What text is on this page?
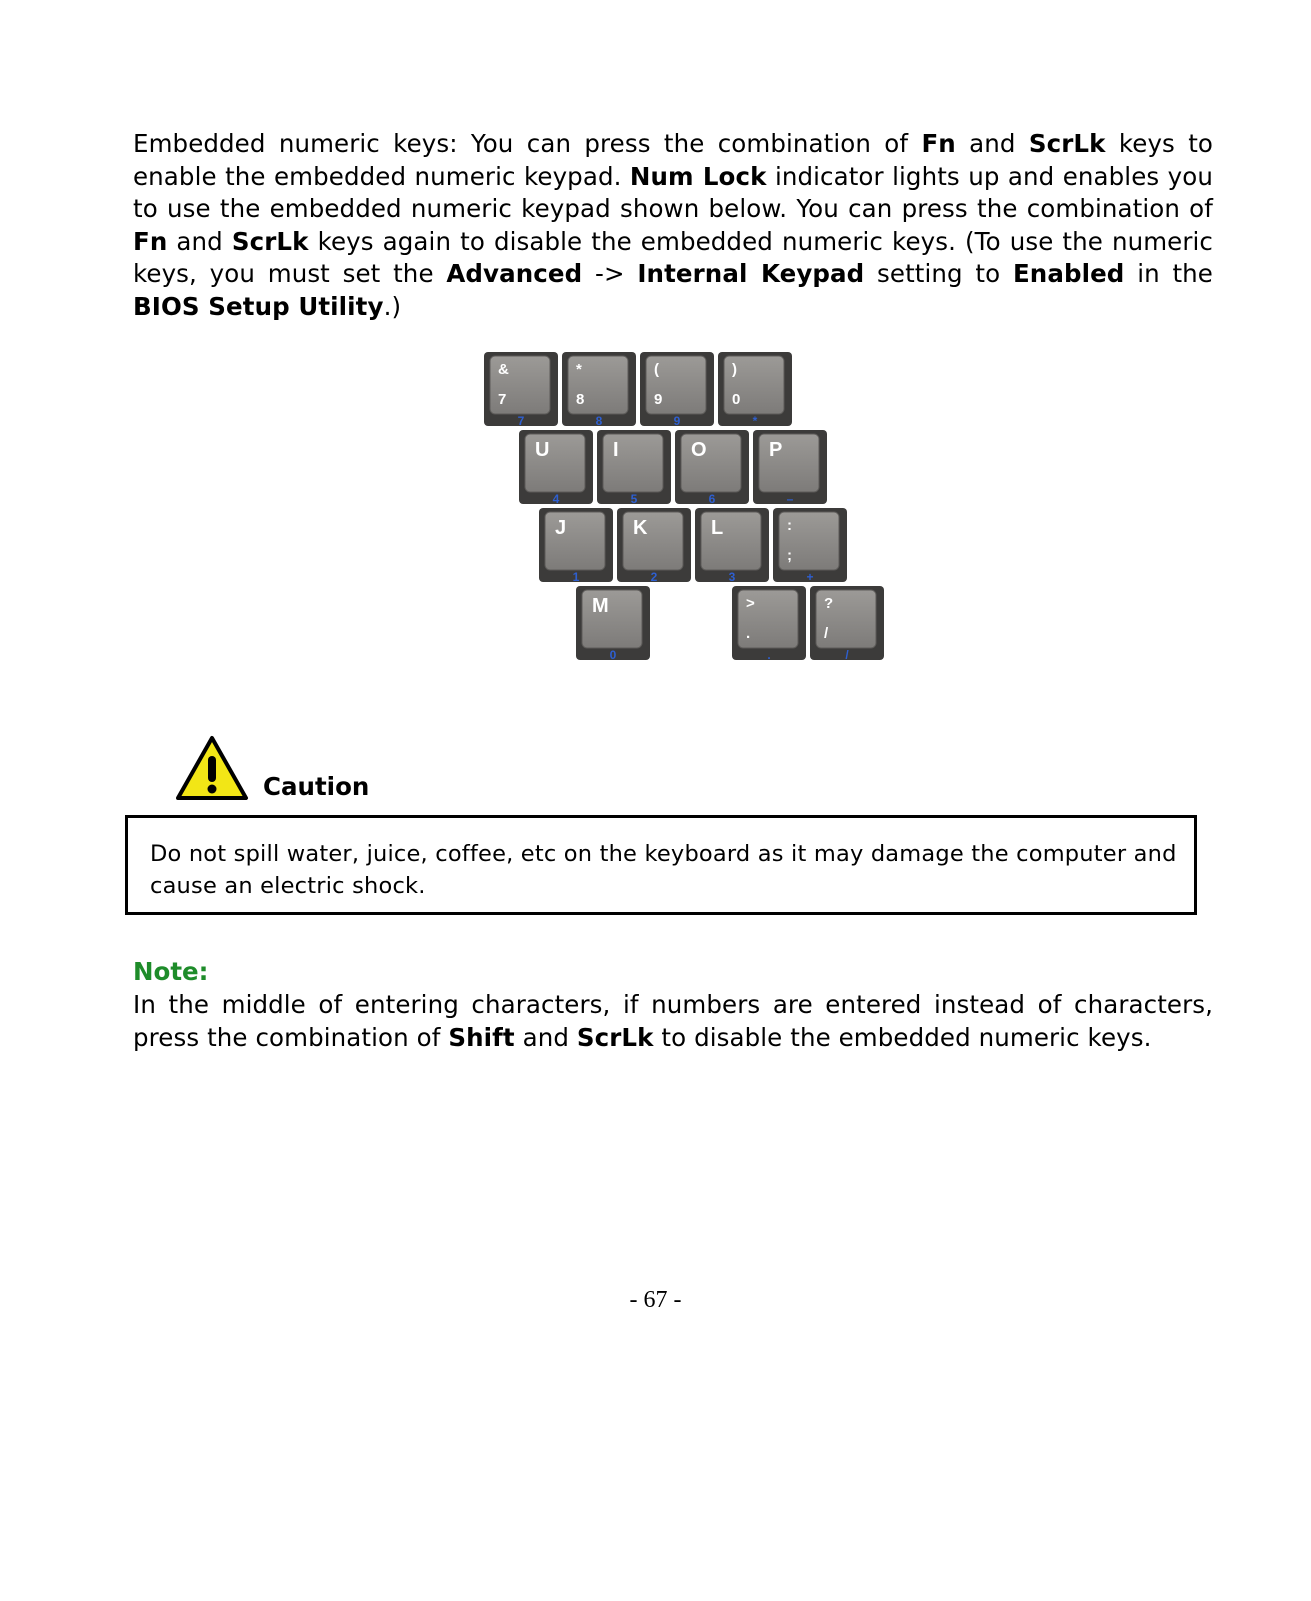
Embedded numeric keys: You can press the combination of Fn and ScrLk keys to enable the embedded numeric keypad. Num Lock indicator lights up and enables you to use the embedded numeric keypad shown below. You can press the combination of Fn and ScrLk keys again to disable the embedded numeric keys. (To use the numeric keys, you must set the Advanced -> Internal Keypad setting to Enabled in the BIOS Setup Utility.)

&
7
7
*
8
8
(
9
9
)
0
*
U
4
I
5
O
6
P
–
J
1
K
2
L
3
:
;
+
M
0
>
.
.
?
/
/
Caution

Do not spill water, juice, coffee, etc on the keyboard as it may damage the computer and cause an electric shock.

Note:

In the middle of entering characters, if numbers are entered instead of characters, press the combination of Shift and ScrLk to disable the embedded numeric keys.

- 67 -
